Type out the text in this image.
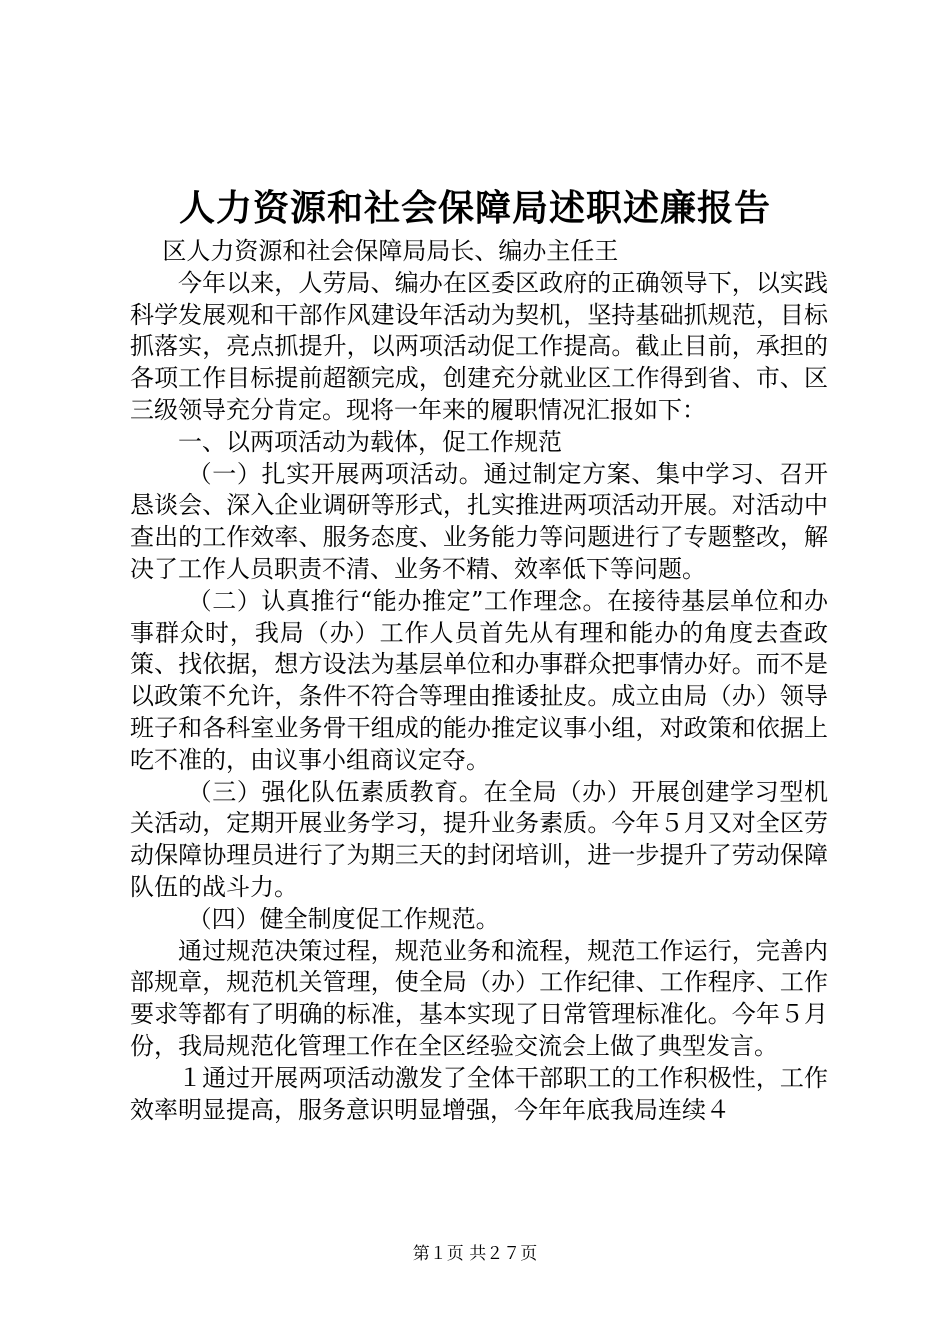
人力资源和社会保障局述职述廉报告

区人力资源和社会保障局局长、编办主任王

今年以来，人劳局、编办在区委区政府的正确领导下，以实践科学发展观和干部作风建设年活动为契机，坚持基础抓规范，目标抓落实，亮点抓提升，以两项活动促工作提高。截止目前，承担的各项工作目标提前超额完成，创建充分就业区工作得到省、市、区三级领导充分肯定。现将一年来的履职情况汇报如下：

一、以两项活动为载体，促工作规范

（一）扎实开展两项活动。通过制定方案、集中学习、召开恳谈会、深入企业调研等形式，扎实推进两项活动开展。对活动中查出的工作效率、服务态度、业务能力等问题进行了专题整改，解决了工作人员职责不清、业务不精、效率低下等问题。

（二）认真推行“能办推定”工作理念。在接待基层单位和办事群众时，我局（办）工作人员首先从有理和能办的角度去查政策、找依据，想方设法为基层单位和办事群众把事情办好。而不是以政策不允许，条件不符合等理由推诿扯皮。成立由局（办）领导班子和各科室业务骨干组成的能办推定议事小组，对政策和依据上吃不准的，由议事小组商议定夺。

（三）强化队伍素质教育。在全局（办）开展创建学习型机关活动，定期开展业务学习，提升业务素质。今年５月又对全区劳动保障协理员进行了为期三天的封闭培训，进一步提升了劳动保障队伍的战斗力。

（四）健全制度促工作规范。

通过规范决策过程，规范业务和流程，规范工作运行，完善内部规章，规范机关管理，使全局（办）工作纪律、工作程序、工作要求等都有了明确的标准，基本实现了日常管理标准化。今年５月份，我局规范化管理工作在全区经验交流会上做了典型发言。

１通过开展两项活动激发了全体干部职工的工作积极性，工作效率明显提高，服务意识明显增强，今年年底我局连续４

第１页 共２７页
